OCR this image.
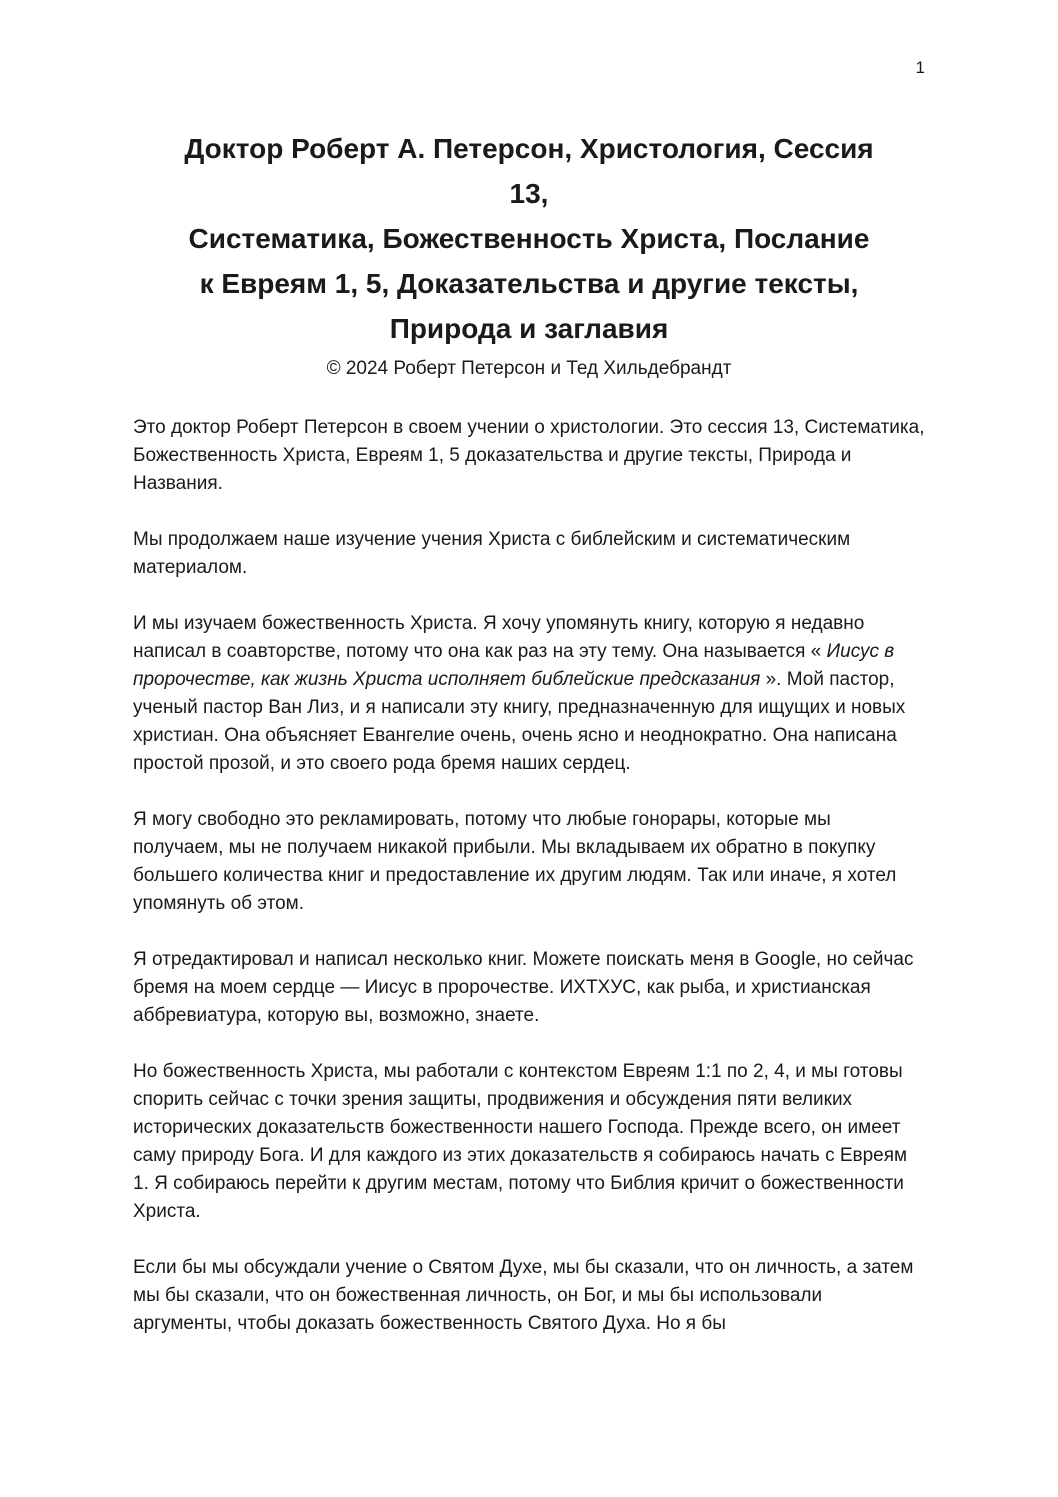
1
Доктор Роберт А. Петерсон, Христология, Сессия
13,
Систематика, Божественность Христа, Послание
к Евреям 1, 5, Доказательства и другие тексты,
Природа и заглавия
© 2024 Роберт Петерсон и Тед Хильдебрандт

Это доктор Роберт Петерсон в своем учении о христологии. Это сессия 13, Систематика, Божественность Христа, Евреям 1, 5 доказательства и другие тексты, Природа и Названия.

Мы продолжаем наше изучение учения Христа с библейским и систематическим материалом.

И мы изучаем божественность Христа. Я хочу упомянуть книгу, которую я недавно написал в соавторстве, потому что она как раз на эту тему. Она называется « Иисус в пророчестве, как жизнь Христа исполняет библейские предсказания ». Мой пастор, ученый пастор Ван Лиз, и я написали эту книгу, предназначенную для ищущих и новых христиан. Она объясняет Евангелие очень, очень ясно и неоднократно. Она написана простой прозой, и это своего рода бремя наших сердец.

Я могу свободно это рекламировать, потому что любые гонорары, которые мы получаем, мы не получаем никакой прибыли. Мы вкладываем их обратно в покупку большего количества книг и предоставление их другим людям. Так или иначе, я хотел упомянуть об этом.

Я отредактировал и написал несколько книг. Можете поискать меня в Google, но сейчас бремя на моем сердце — Иисус в пророчестве. ИХТХУС, как рыба, и христианская аббревиатура, которую вы, возможно, знаете.

Но божественность Христа, мы работали с контекстом Евреям 1:1 по 2, 4, и мы готовы спорить сейчас с точки зрения защиты, продвижения и обсуждения пяти великих исторических доказательств божественности нашего Господа. Прежде всего, он имеет саму природу Бога. И для каждого из этих доказательств я собираюсь начать с Евреям 1. Я собираюсь перейти к другим местам, потому что Библия кричит о божественности Христа.

Если бы мы обсуждали учение о Святом Духе, мы бы сказали, что он личность, а затем мы бы сказали, что он божественная личность, он Бог, и мы бы использовали аргументы, чтобы доказать божественность Святого Духа. Но я бы
